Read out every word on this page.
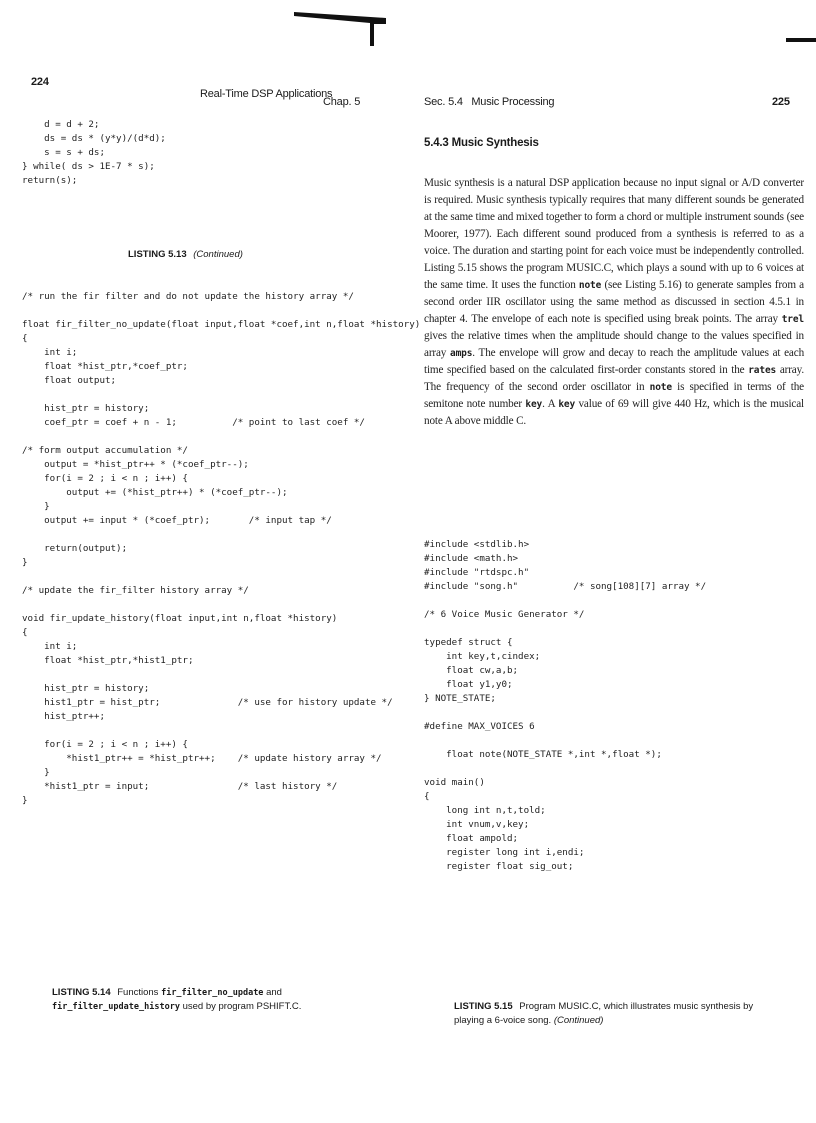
224
Real-Time DSP Applications
Chap. 5
d = d + 2;
ds = ds * (y*y)/(d*d);
s = s + ds;
} while( ds > 1E-7 * s);
return(s);
LISTING 5.13 (Continued)
/* run the fir filter and do not update the history array */

float fir_filter_no_update(float input,float *coef,int n,float *history)
{
int i;
float *hist_ptr,*coef_ptr;
float output;

hist_ptr = history;
coef_ptr = coef + n - 1;          /* point to last coef */

/* form output accumulation */
output = *hist_ptr++ * (*coef_ptr--);
for(i = 2 ; i < n ; i++) {
output += (*hist_ptr++) * (*coef_ptr--);
}
output += input * (*coef_ptr);       /* input tap */

return(output);
}

/* update the fir_filter history array */

void fir_update_history(float input,int n,float *history)
{
int i;
float *hist_ptr,*hist1_ptr;

hist_ptr = history;
hist1_ptr = hist_ptr;              /* use for history update */
hist_ptr++;

for(i = 2 ; i < n ; i++) {
*hist1_ptr++ = *hist_ptr++;    /* update history array */
}
*hist1_ptr = input;                /* last history */
}
LISTING 5.14 Functions fir_filter_no_update and fir_filter_update_history used by program PSHIFT.C.
Sec. 5.4   Music Processing	225
5.4.3 Music Synthesis
Music synthesis is a natural DSP application because no input signal or A/D converter is required. Music synthesis typically requires that many different sounds be generated at the same time and mixed together to form a chord or multiple instrument sounds (see Moorer, 1977). Each different sound produced from a synthesis is referred to as a voice. The duration and starting point for each voice must be independently controlled. Listing 5.15 shows the program MUSIC.C, which plays a sound with up to 6 voices at the same time. It uses the function note (see Listing 5.16) to generate samples from a second order IIR oscillator using the same method as discussed in section 4.5.1 in chapter 4. The envelope of each note is specified using break points. The array trel gives the relative times when the amplitude should change to the values specified in array amps. The envelope will grow and decay to reach the amplitude values at each time specified based on the calculated first-order constants stored in the rates array. The frequency of the second order oscillator in note is specified in terms of the semitone note number key. A key value of 69 will give 440 Hz, which is the musical note A above middle C.
#include <stdlib.h>
#include <math.h>
#include "rtdspc.h"
#include "song.h"          /* song[108][7] array */

/* 6 Voice Music Generator */

typedef struct {
int key,t,cindex;
float cw,a,b;
float y1,y0;
} NOTE_STATE;

#define MAX_VOICES 6

float note(NOTE_STATE *,int *,float *);

void main()
{
long int n,t,told;
int vnum,v,key;
float ampold;
register long int i,endi;
register float sig_out;
LISTING 5.15 Program MUSIC.C, which illustrates music synthesis by playing a 6-voice song. (Continued)
